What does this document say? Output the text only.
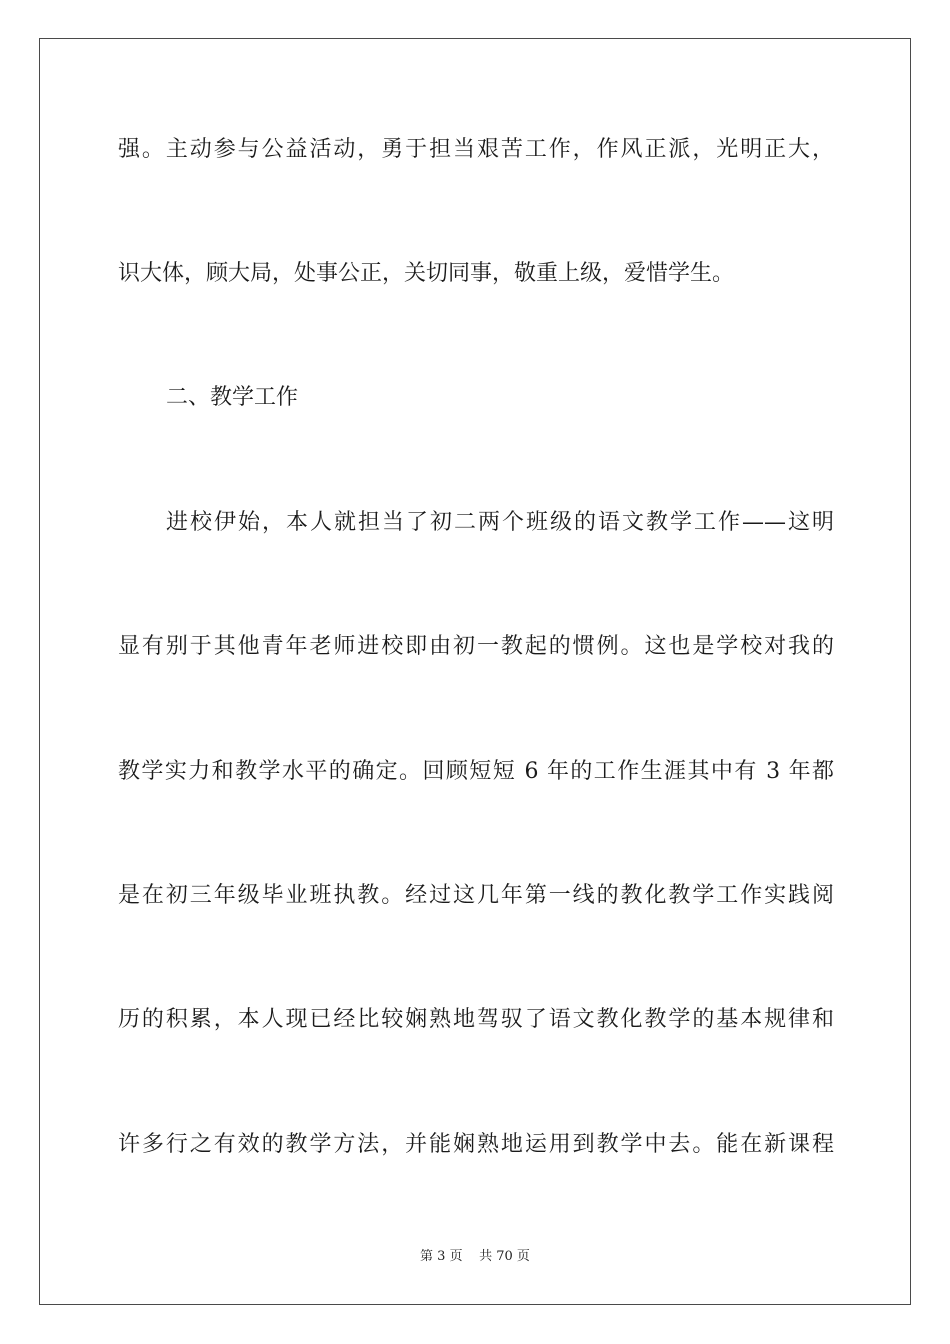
强。主动参与公益活动，勇于担当艰苦工作，作风正派，光明正大，
识大体，顾大局，处事公正，关切同事，敬重上级，爱惜学生。
二、教学工作
进校伊始，本人就担当了初二两个班级的语文教学工作——这明
显有别于其他青年老师进校即由初一教起的惯例。这也是学校对我的
教学实力和教学水平的确定。回顾短短 6 年的工作生涯其中有 3 年都
是在初三年级毕业班执教。经过这几年第一线的教化教学工作实践阅
历的积累，本人现已经比较娴熟地驾驭了语文教化教学的基本规律和
许多行之有效的教学方法，并能娴熟地运用到教学中去。能在新课程
第 3 页 共 70 页
